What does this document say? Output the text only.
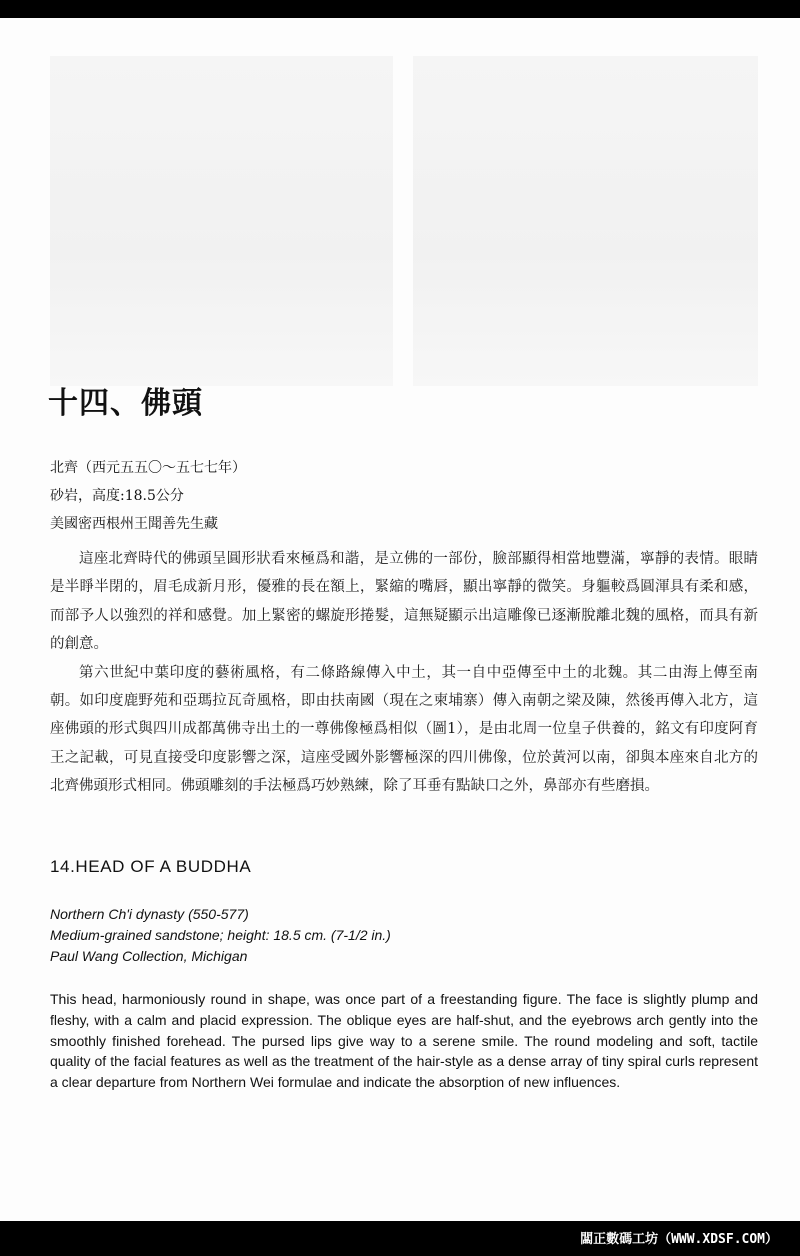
十四、佛頭
北齊（西元五五〇～五七七年）
砂岩，高度:18.5公分
美國密西根州王聞善先生藏

這座北齊時代的佛頭呈圓形狀看來極爲和諧，是立佛的一部份，臉部顯得相當地豐滿，寧靜的表情。眼睛是半睜半閉的，眉毛成新月形，優雅的長在額上，緊縮的嘴唇，顯出寧靜的微笑。身軀較爲圓渾具有柔和感，而部予人以強烈的祥和感覺。加上緊密的螺旋形捲髮，這無疑顯示出這雕像已逐漸脫離北魏的風格，而具有新的創意。

第六世紀中葉印度的藝術風格，有二條路線傳入中土，其一自中亞傳至中土的北魏。其二由海上傳至南朝。如印度鹿野苑和亞瑪拉瓦奇風格，即由扶南國（現在之柬埔寨）傳入南朝之梁及陳，然後再傳入北方，這座佛頭的形式與四川成都萬佛寺出土的一尊佛像極爲相似（圖1），是由北周一位皇子供養的，銘文有印度阿育王之記載，可見直接受印度影響之深，這座受國外影響極深的四川佛像，位於黃河以南，卻與本座來自北方的北齊佛頭形式相同。佛頭雕刻的手法極爲巧妙熟練，除了耳垂有點缺口之外，鼻部亦有些磨損。

14.HEAD OF A BUDDHA
Northern Ch'i dynasty (550-577)
Medium-grained sandstone; height: 18.5 cm. (7-1/2 in.)
Paul Wang Collection, Michigan

This head, harmoniously round in shape, was once part of a freestanding figure. The face is slightly plump and fleshy, with a calm and placid expression. The oblique eyes are half-shut, and the eyebrows arch gently into the smoothly finished forehead. The pursed lips give way to a serene smile. The round modeling and soft, tactile quality of the facial features as well as the treatment of the hair-style as a dense array of tiny spiral curls represent a clear departure from Northern Wei formulae and indicate the absorption of new influences.

闆正數碼工坊（WWW.XDSF.COM）
